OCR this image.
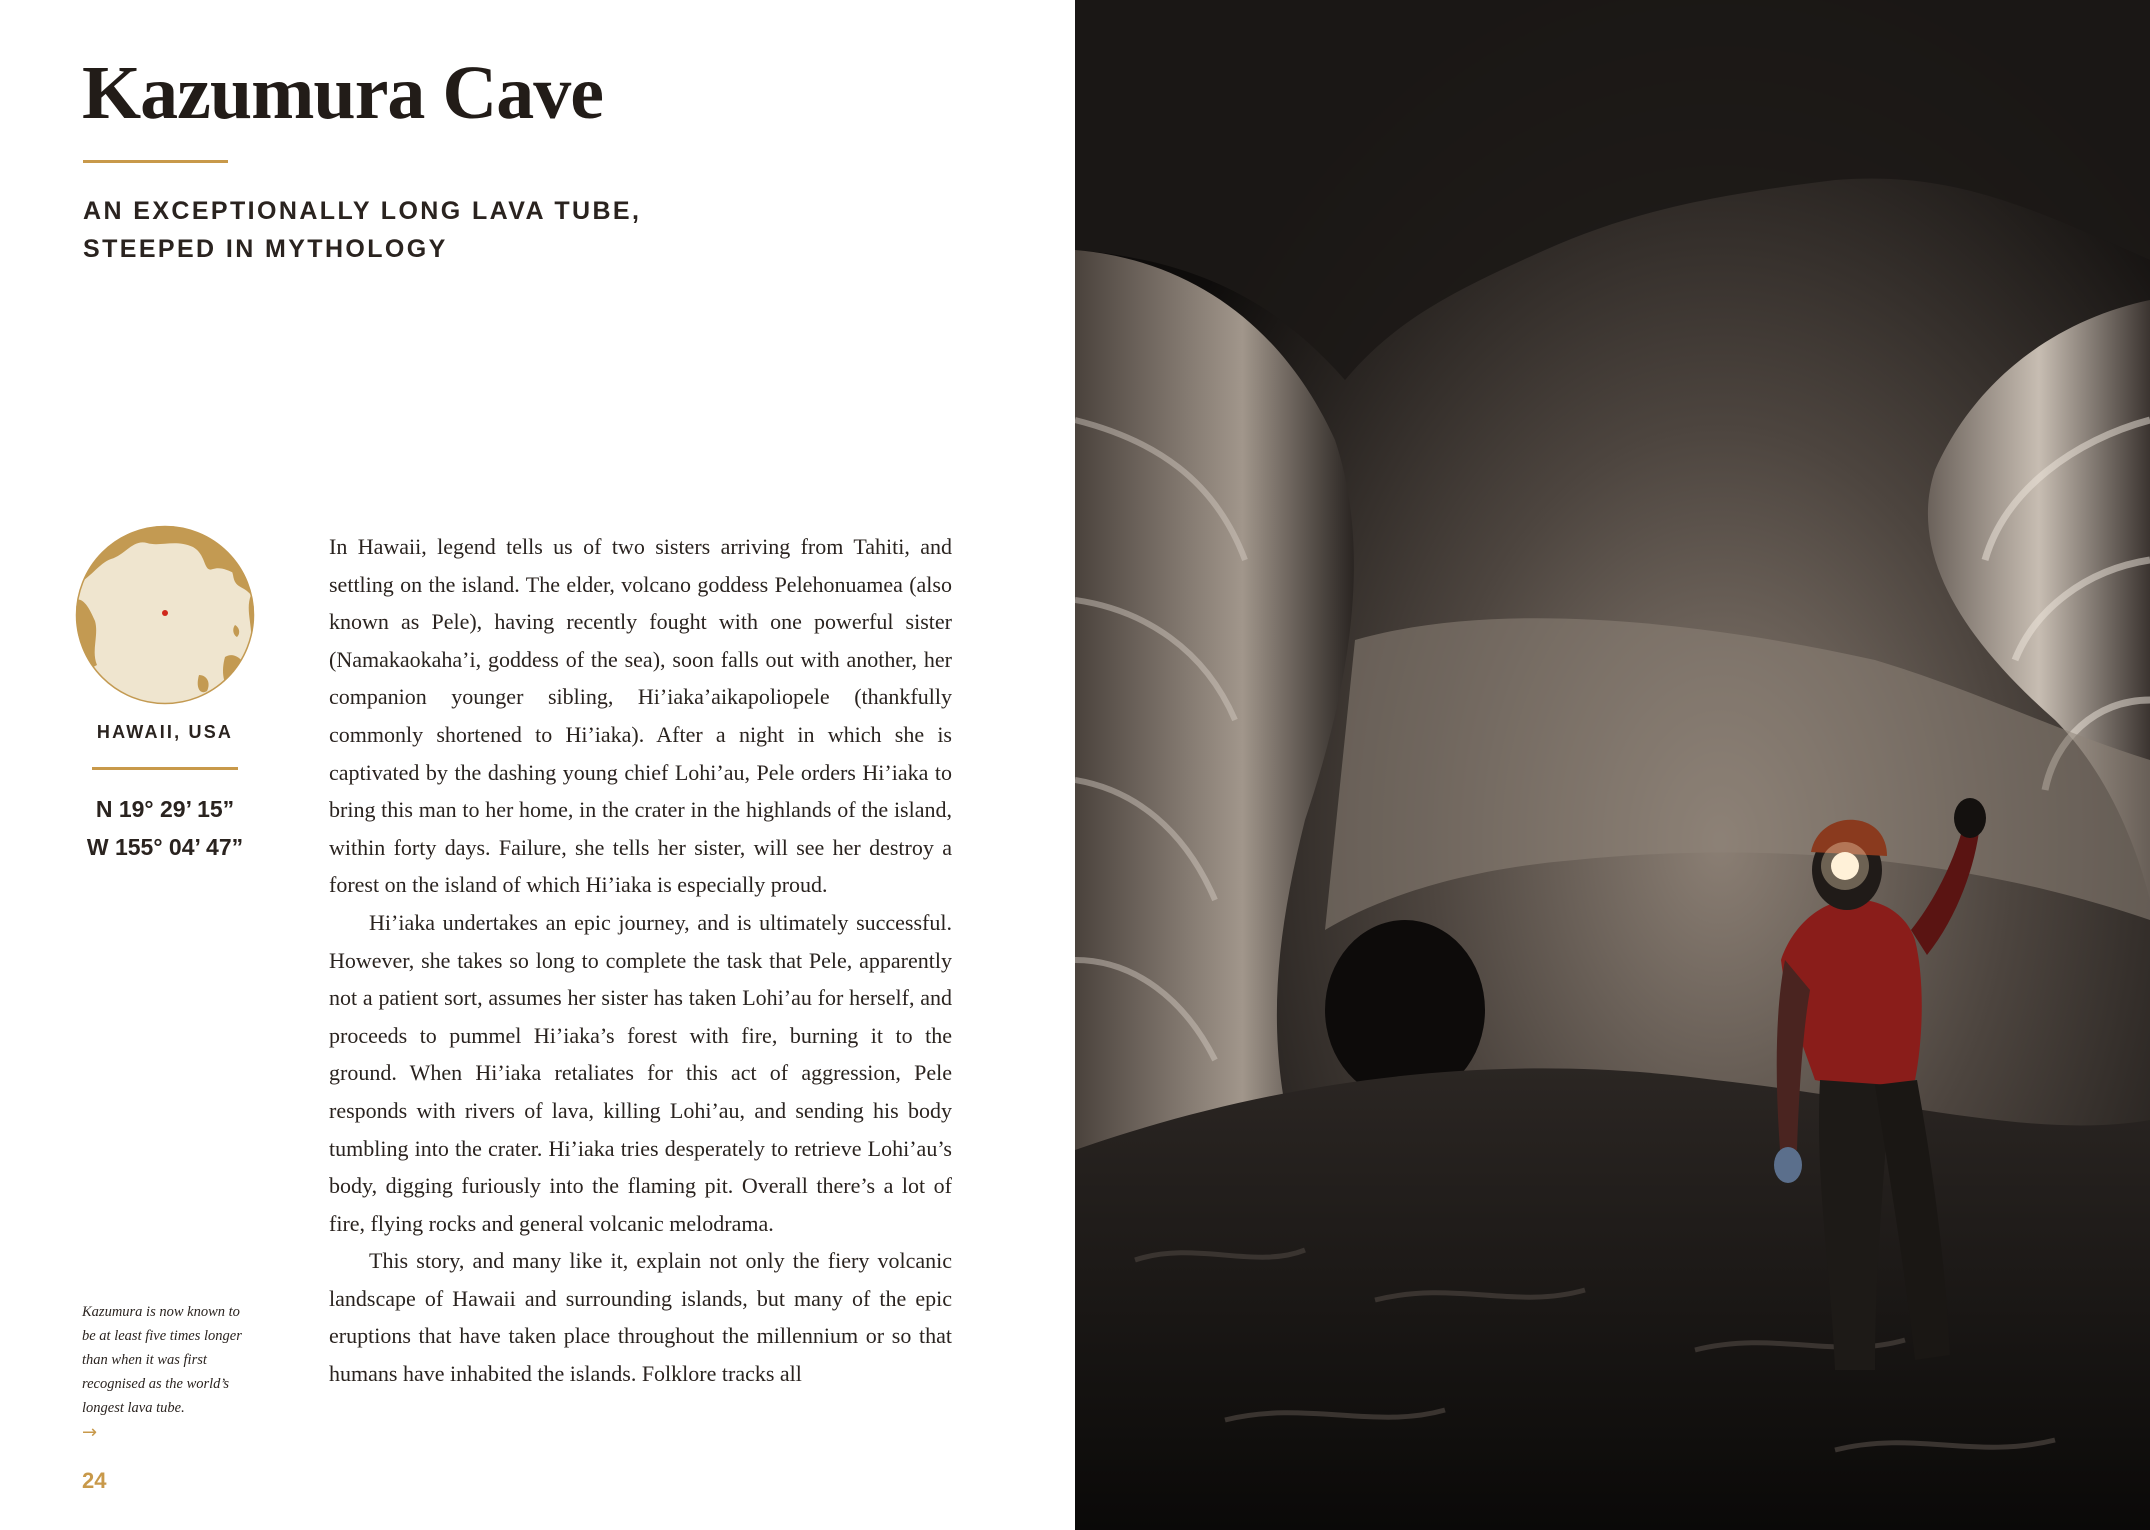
Kazumura Cave
AN EXCEPTIONALLY LONG LAVA TUBE,
STEEPED IN MYTHOLOGY
HAWAII, USA
N 19° 29’ 15”
W 155° 04’ 47”

In Hawaii, legend tells us of two sisters arriving from Tahiti, and settling on the island. The elder, volcano goddess Pelehonuamea (also known as Pele), having recently fought with one powerful sister (Namakaokaha’i, goddess of the sea), soon falls out with another, her companion younger sibling, Hi’iaka’aikapoliopele (thankfully commonly shortened to Hi’iaka). After a night in which she is captivated by the dashing young chief Lohi’au, Pele orders Hi’iaka to bring this man to her home, in the crater in the highlands of the island, within forty days. Failure, she tells her sister, will see her destroy a forest on the island of which Hi’iaka is especially proud.

Hi’iaka undertakes an epic journey, and is ultimately successful. However, she takes so long to complete the task that Pele, apparently not a patient sort, assumes her sister has taken Lohi’au for herself, and proceeds to pummel Hi’iaka’s forest with fire, burning it to the ground. When Hi’iaka retaliates for this act of aggression, Pele responds with rivers of lava, killing Lohi’au, and sending his body tumbling into the crater. Hi’iaka tries desperately to retrieve Lohi’au’s body, digging furiously into the flaming pit. Overall there’s a lot of fire, flying rocks and general volcanic melodrama.

This story, and many like it, explain not only the fiery volcanic landscape of Hawaii and surrounding islands, but many of the epic eruptions that have taken place throughout the millennium or so that humans have inhabited the islands. Folklore tracks all

Kazumura is now known to be at least five times longer than when it was first recognised as the world’s longest lava tube.
→
24
